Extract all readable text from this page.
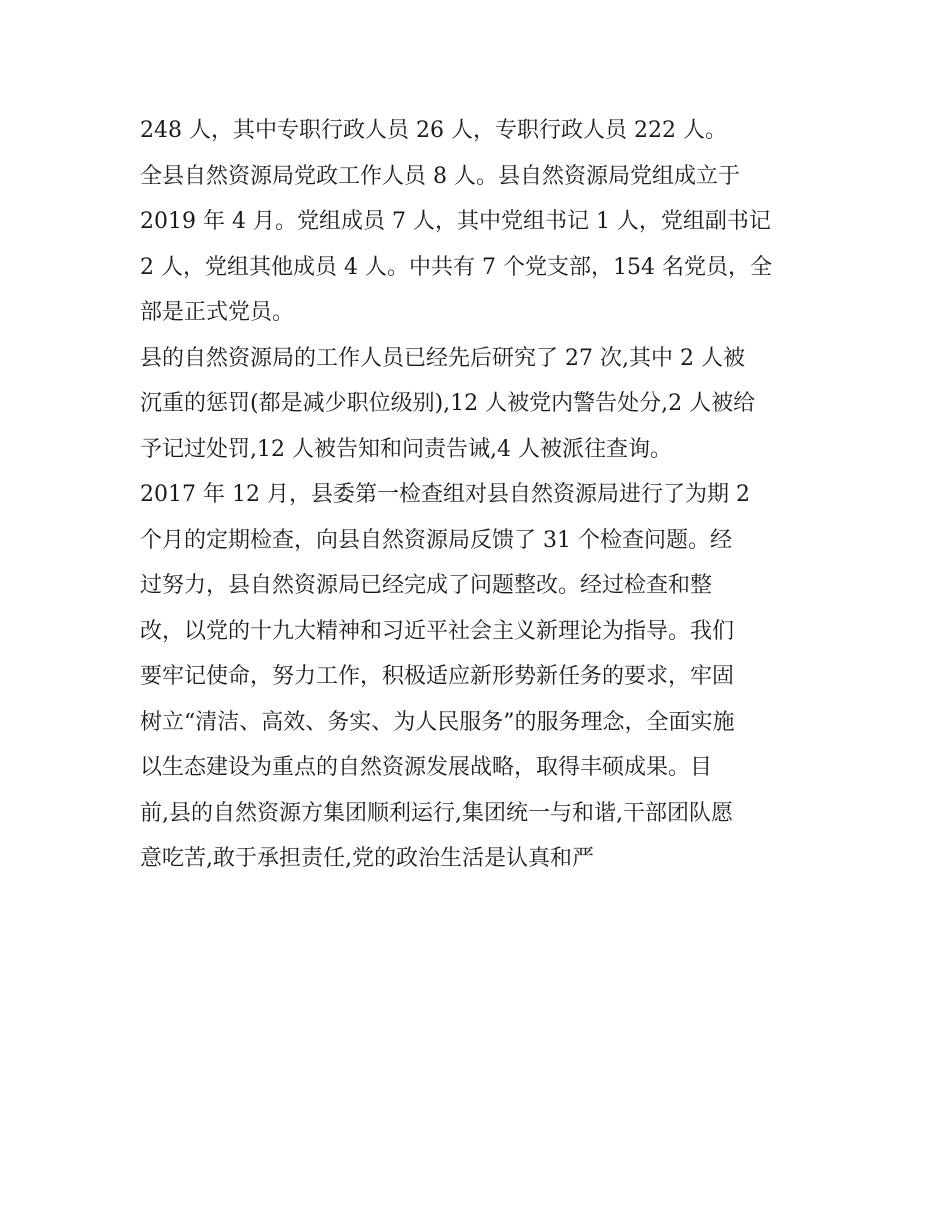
248 人，其中专职行政人员 26 人，专职行政人员 222 人。
全县自然资源局党政工作人员 8 人。县自然资源局党组成立于
2019 年 4 月。党组成员 7 人，其中党组书记 1 人，党组副书记
2 人，党组其他成员 4 人。中共有 7 个党支部，154 名党员，全
部是正式党员。
县的自然资源局的工作人员已经先后研究了 27 次,其中 2 人被
沉重的惩罚(都是减少职位级别),12 人被党内警告处分,2 人被给
予记过处罚,12 人被告知和问责告诫,4 人被派往查询。
2017 年 12 月，县委第一检查组对县自然资源局进行了为期 2
个月的定期检查，向县自然资源局反馈了 31 个检查问题。经
过努力，县自然资源局已经完成了问题整改。经过检查和整
改，以党的十九大精神和习近平社会主义新理论为指导。我们
要牢记使命，努力工作，积极适应新形势新任务的要求，牢固
树立“清洁、高效、务实、为人民服务”的服务理念，全面实施
以生态建设为重点的自然资源发展战略，取得丰硕成果。目
前,县的自然资源方集团顺利运行,集团统一与和谐,干部团队愿
意吃苦,敢于承担责任,党的政治生活是认真和严
